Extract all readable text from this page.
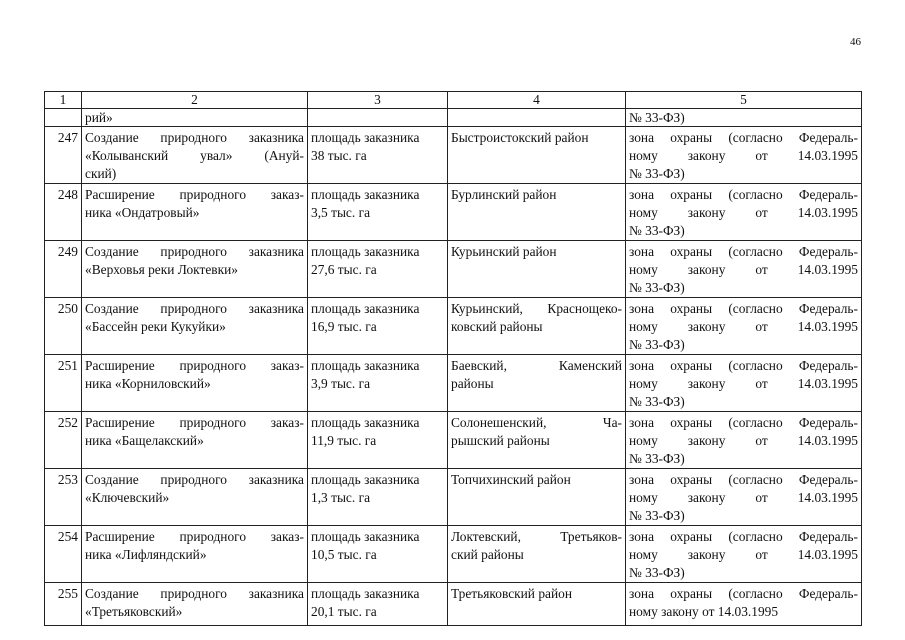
46
1	2	3	4	5

	рий»			№ 33-ФЗ)

247	Создание природного заказника
«Колыванский увал» (Ануй-
ский)	площадь заказника
38 тыс. га	Быстроистокский район	зона охраны (согласно Федераль-
ному закону от 14.03.1995
№ 33-ФЗ)

248	Расширение природного заказ-
ника «Ондатровый»	площадь заказника
3,5 тыс. га	Бурлинский район	зона охраны (согласно Федераль-
ному закону от 14.03.1995
№ 33-ФЗ)

249	Создание природного заказника
«Верховья реки Локтевки»	площадь заказника
27,6 тыс. га	Курьинский район	зона охраны (согласно Федераль-
ному закону от 14.03.1995
№ 33-ФЗ)

250	Создание природного заказника
«Бассейн реки Кукуйки»	площадь заказника
16,9 тыс. га	Курьинский, Краснощеко-
ковский районы	зона охраны (согласно Федераль-
ному закону от 14.03.1995
№ 33-ФЗ)

251	Расширение природного заказ-
ника «Корниловский»	площадь заказника
3,9 тыс. га	Баевский, Каменский
районы	зона охраны (согласно Федераль-
ному закону от 14.03.1995
№ 33-ФЗ)

252	Расширение природного заказ-
ника «Бащелакский»	площадь заказника
11,9 тыс. га	Солонешенский, Ча-
рышский районы	зона охраны (согласно Федераль-
ному закону от 14.03.1995
№ 33-ФЗ)

253	Создание природного заказника
«Ключевский»	площадь заказника
1,3 тыс. га	Топчихинский район	зона охраны (согласно Федераль-
ному закону от 14.03.1995
№ 33-ФЗ)

254	Расширение природного заказ-
ника «Лифляндский»	площадь заказника
10,5 тыс. га	Локтевский, Третьяков-
ский районы	зона охраны (согласно Федераль-
ному закону от 14.03.1995
№ 33-ФЗ)

255	Создание природного заказника
«Третьяковский»	площадь заказника
20,1 тыс. га	Третьяковский район	зона охраны (согласно Федераль-
ному закону от 14.03.1995
